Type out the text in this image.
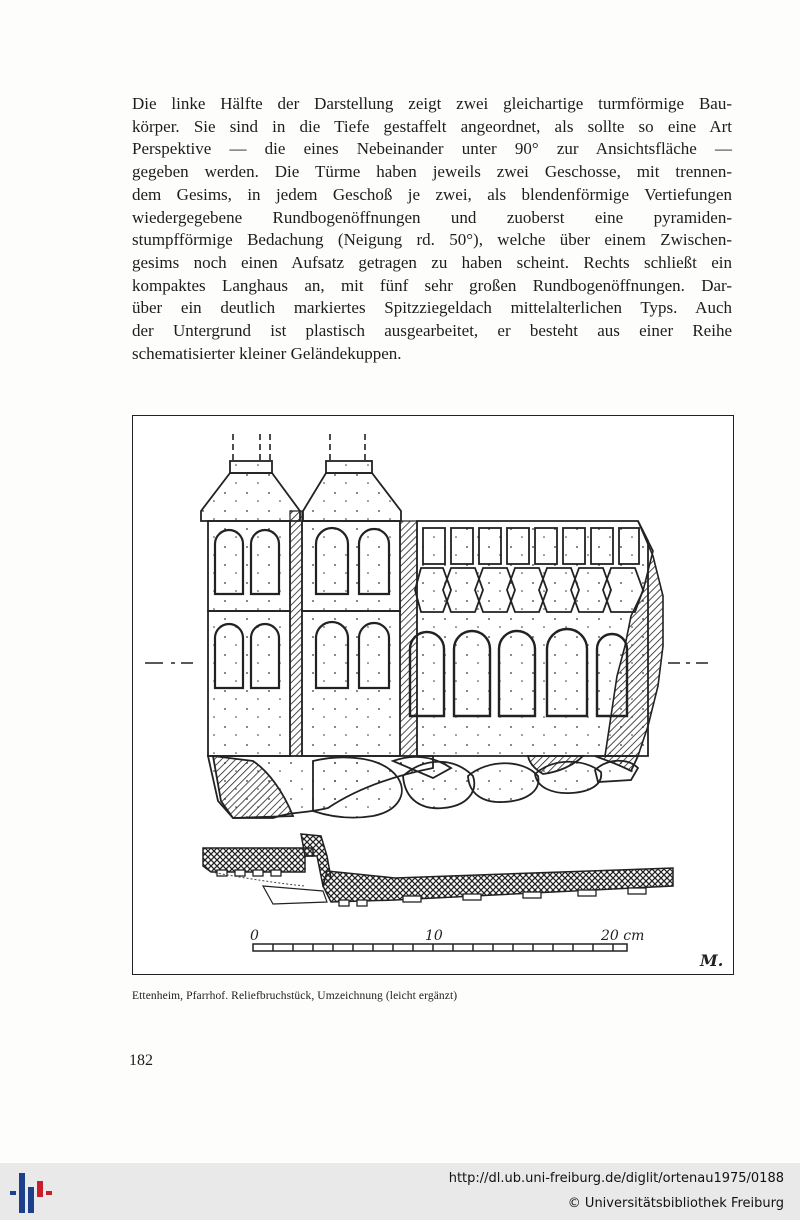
Die linke Hälfte der Darstellung zeigt zwei gleichartige turmförmige Bau-
körper. Sie sind in die Tiefe gestaffelt angeordnet, als sollte so eine Art
Perspektive — die eines Nebeinander unter 90° zur Ansichtsfläche —
gegeben werden. Die Türme haben jeweils zwei Geschosse, mit trennen-
dem Gesims, in jedem Geschoß je zwei, als blendenförmige Vertiefungen
wiedergegebene Rundbogenöffnungen und zuoberst eine pyramiden-
stumpfförmige Bedachung (Neigung rd. 50°), welche über einem Zwischen-
gesims noch einen Aufsatz getragen zu haben scheint. Rechts schließt ein
kompaktes Langhaus an, mit fünf sehr großen Rundbogenöffnungen. Dar-
über ein deutlich markiertes Spitzziegeldach mittelalterlichen Typs. Auch
der Untergrund ist plastisch ausgearbeitet, er besteht aus einer Reihe
schematisierter kleiner Geländekuppen.
0	10	20 cm
M.
Ettenheim, Pfarrhof. Reliefbruchstück, Umzeichnung (leicht ergänzt)
182
http://dl.ub.uni-freiburg.de/diglit/ortenau1975/0188
© Universitätsbibliothek Freiburg
